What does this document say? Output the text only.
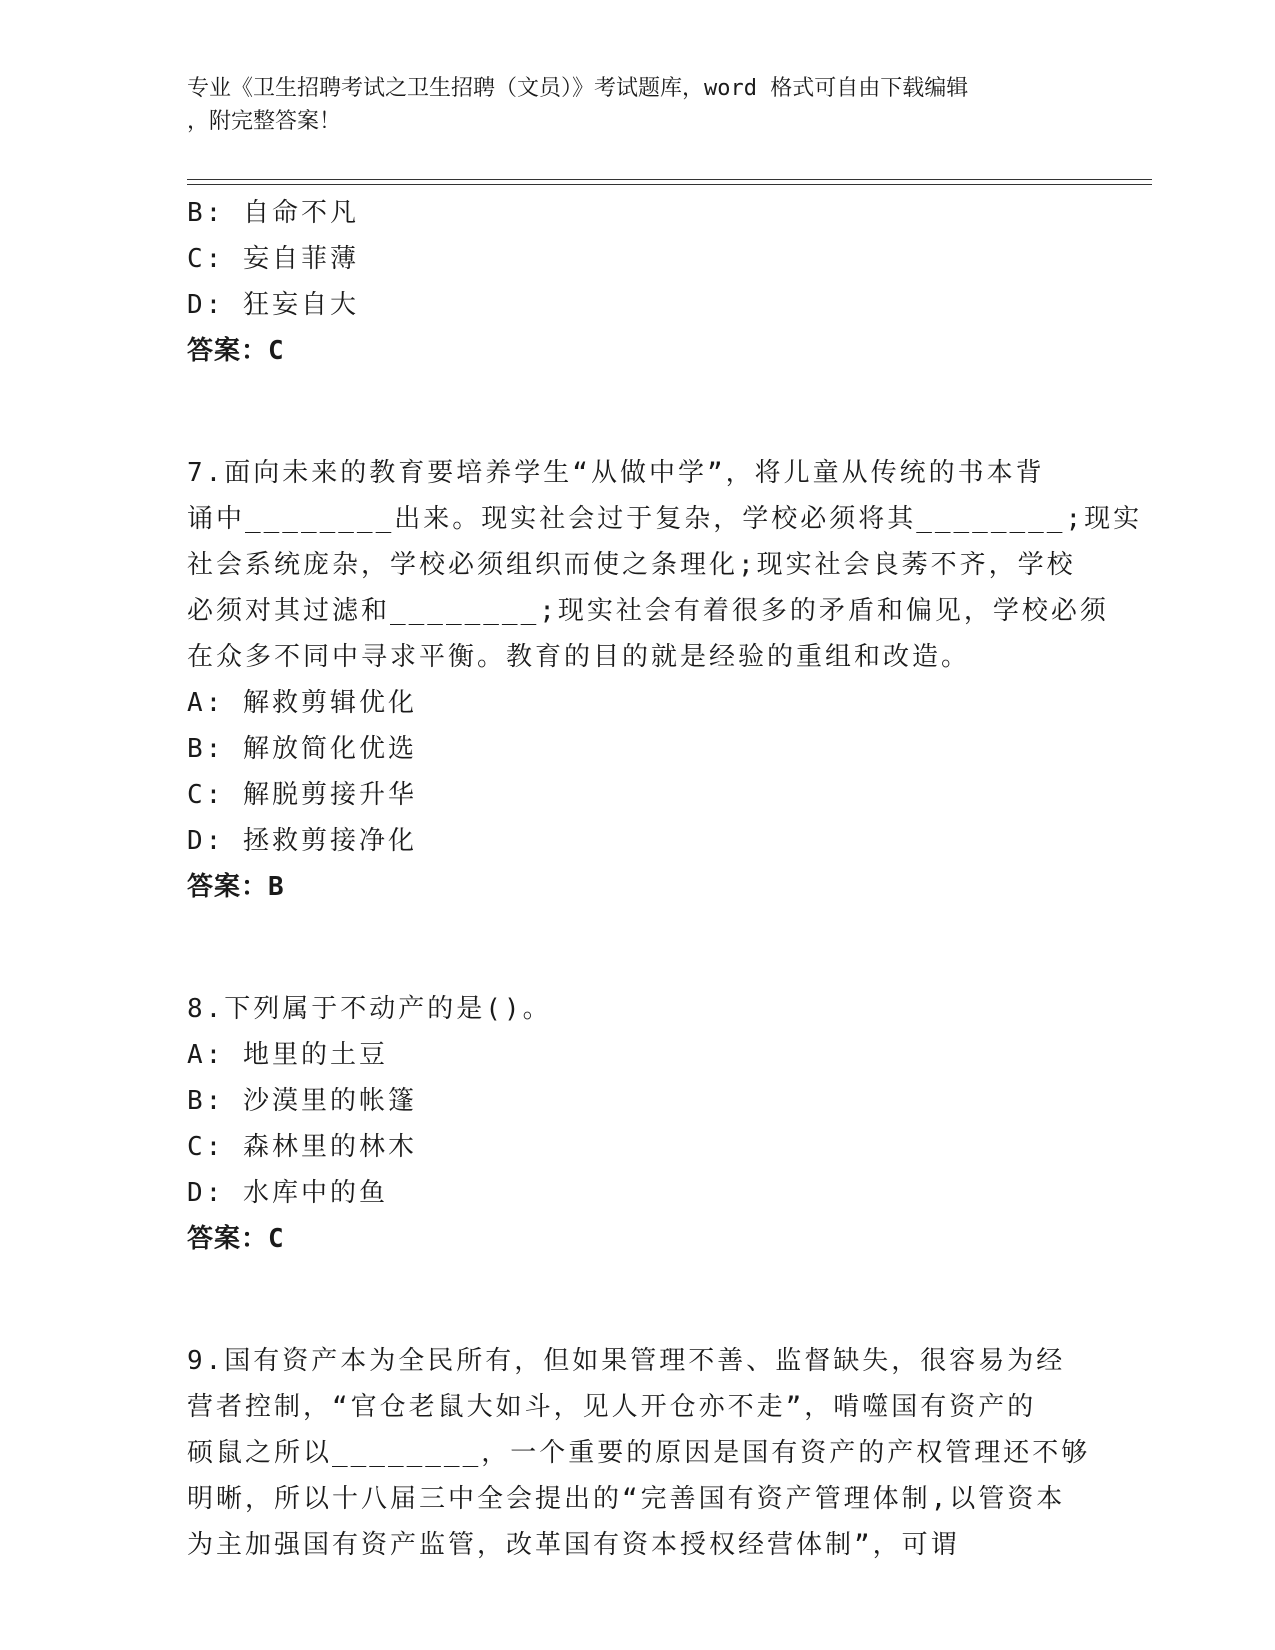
专业《卫生招聘考试之卫生招聘（文员）》考试题库，word 格式可自由下载编辑
，附完整答案！
B: 自命不凡
C: 妄自菲薄
D: 狂妄自大
答案：C
7.面向未来的教育要培养学生“从做中学”，将儿童从传统的书本背
诵中________出来。现实社会过于复杂，学校必须将其________;现实
社会系统庞杂，学校必须组织而使之条理化;现实社会良莠不齐，学校
必须对其过滤和________;现实社会有着很多的矛盾和偏见，学校必须
在众多不同中寻求平衡。教育的目的就是经验的重组和改造。
A: 解救剪辑优化
B: 解放简化优选
C: 解脱剪接升华
D: 拯救剪接净化
答案：B
8.下列属于不动产的是()。
A: 地里的土豆
B: 沙漠里的帐篷
C: 森林里的林木
D: 水库中的鱼
答案：C
9.国有资产本为全民所有，但如果管理不善、监督缺失，很容易为经
营者控制，“官仓老鼠大如斗，见人开仓亦不走”，啃噬国有资产的
硕鼠之所以________，一个重要的原因是国有资产的产权管理还不够
明晰，所以十八届三中全会提出的“完善国有资产管理体制,以管资本
为主加强国有资产监管，改革国有资本授权经营体制”，可谓
